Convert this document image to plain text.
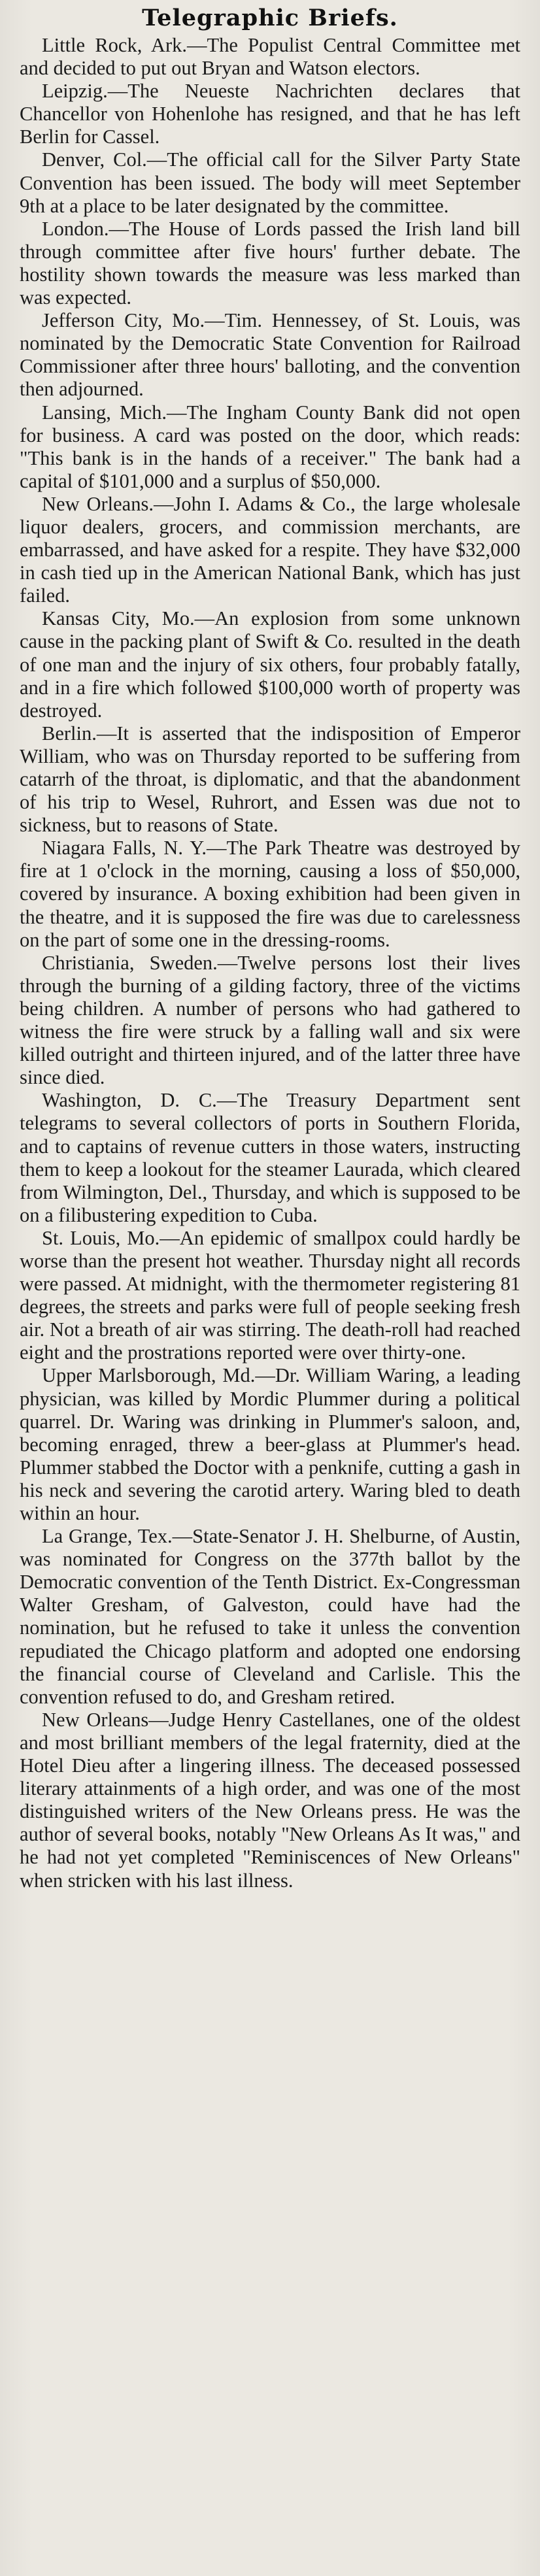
Telegraphic Briefs.

Little Rock, Ark.—The Populist Central Committee met and decided to put out Bryan and Watson electors.

Leipzig.—The Neueste Nachrichten declares that Chancellor von Hohenlohe has resigned, and that he has left Berlin for Cassel.

Denver, Col.—The official call for the Silver Party State Convention has been issued. The body will meet September 9th at a place to be later designated by the committee.

London.—The House of Lords passed the Irish land bill through committee after five hours' further debate. The hostility shown towards the measure was less marked than was expected.

Jefferson City, Mo.—Tim. Hennessey, of St. Louis, was nominated by the Democratic State Convention for Railroad Commissioner after three hours' balloting, and the convention then adjourned.

Lansing, Mich.—The Ingham County Bank did not open for business. A card was posted on the door, which reads: "This bank is in the hands of a receiver." The bank had a capital of $101,000 and a surplus of $50,000.

New Orleans.—John I. Adams & Co., the large wholesale liquor dealers, grocers, and commission merchants, are embarrassed, and have asked for a respite. They have $32,000 in cash tied up in the American National Bank, which has just failed.

Kansas City, Mo.—An explosion from some unknown cause in the packing plant of Swift & Co. resulted in the death of one man and the injury of six others, four probably fatally, and in a fire which followed $100,000 worth of property was destroyed.

Berlin.—It is asserted that the indisposition of Emperor William, who was on Thursday reported to be suffering from catarrh of the throat, is diplomatic, and that the abandonment of his trip to Wesel, Ruhrort, and Essen was due not to sickness, but to reasons of State.

Niagara Falls, N. Y.—The Park Theatre was destroyed by fire at 1 o'clock in the morning, causing a loss of $50,000, covered by insurance. A boxing exhibition had been given in the theatre, and it is supposed the fire was due to carelessness on the part of some one in the dressing-rooms.

Christiania, Sweden.—Twelve persons lost their lives through the burning of a gilding factory, three of the victims being children. A number of persons who had gathered to witness the fire were struck by a falling wall and six were killed outright and thirteen injured, and of the latter three have since died.

Washington, D. C.—The Treasury Department sent telegrams to several collectors of ports in Southern Florida, and to captains of revenue cutters in those waters, instructing them to keep a lookout for the steamer Laurada, which cleared from Wilmington, Del., Thursday, and which is supposed to be on a filibustering expedition to Cuba.

St. Louis, Mo.—An epidemic of smallpox could hardly be worse than the present hot weather. Thursday night all records were passed. At midnight, with the thermometer registering 81 degrees, the streets and parks were full of people seeking fresh air. Not a breath of air was stirring. The death-roll had reached eight and the prostrations reported were over thirty-one.

Upper Marlsborough, Md.—Dr. William Waring, a leading physician, was killed by Mordic Plummer during a political quarrel. Dr. Waring was drinking in Plummer's saloon, and, becoming enraged, threw a beer-glass at Plummer's head. Plummer stabbed the Doctor with a penknife, cutting a gash in his neck and severing the carotid artery. Waring bled to death within an hour.

La Grange, Tex.—State-Senator J. H. Shelburne, of Austin, was nominated for Congress on the 377th ballot by the Democratic convention of the Tenth District. Ex-Congressman Walter Gresham, of Galveston, could have had the nomination, but he refused to take it unless the convention repudiated the Chicago platform and adopted one endorsing the financial course of Cleveland and Carlisle. This the convention refused to do, and Gresham retired.

New Orleans—Judge Henry Castellanes, one of the oldest and most brilliant members of the legal fraternity, died at the Hotel Dieu after a lingering illness. The deceased possessed literary attainments of a high order, and was one of the most distinguished writers of the New Orleans press. He was the author of several books, notably "New Orleans As It was," and he had not yet completed "Reminiscences of New Orleans" when stricken with his last illness.
